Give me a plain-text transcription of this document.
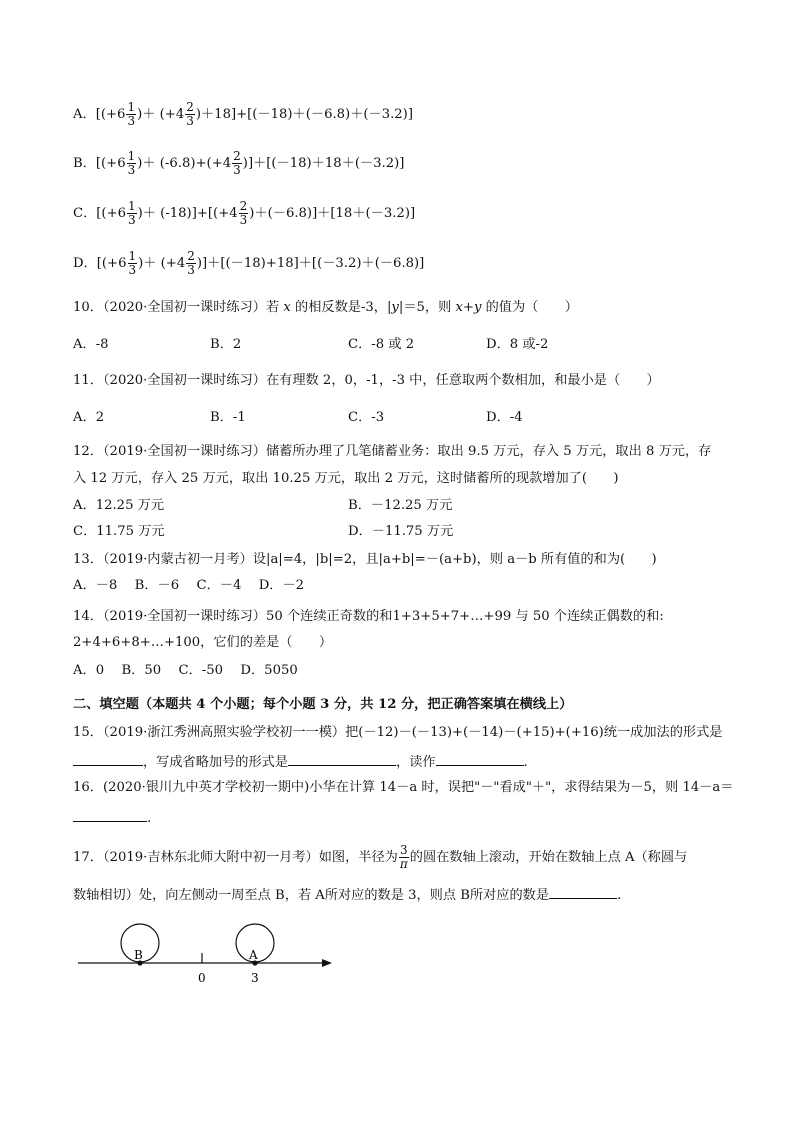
A．[($+6 \frac{1}{3}$ )＋ $(+4 \frac{2}{3} )+18]+[(-18)+(-6.8)+(-3.2)]$
B．[($+6 \frac{1}{3}$ )＋ $(-6.8)+(+4 \frac{2}{3} )]+[(-18)+18+(-3.2)]$
C．[($+6 \frac{1}{3}$ )＋ $(-18)]+[(+4 \frac{2}{3} )+(-6.8)]+[18+(-3.2)]$
D．[($+6 \frac{1}{3}$ )＋ $(+4 \frac{2}{3} )]+[(-18)+18]+[(-3.2)+(-6.8)]$
10．（2020·全国初一课时练习）若 x 的相反数是-3，|y|＝5，则 x+y 的值为（　　）
A．-8	B．2	C．-8 或 2	D．8 或-2
11．（2020·全国初一课时练习）在有理数 2，0，-1，-3 中，任意取两个数相加，和最小是（　　）
A．2	B．-1	C．-3	D．-4
12．（2019·全国初一课时练习）储蓄所办理了几笔储蓄业务：取出 9.5 万元，存入 5 万元，取出 8 万元，存
入 12 万元，存入 25 万元，取出 10.25 万元，取出 2 万元，这时储蓄所的现款增加了(　　)
A．12.25 万元	B．－12.25 万元
C．11.75 万元	D．－11.75 万元
13．（2019·内蒙古初一月考）设|a|=4，|b|=2，且|a+b|=－(a+b)，则 a－b 所有值的和为(　　)
A．－8　 B．－6　 C．－4　 D．－2
14．（2019·全国初一课时练习）50 个连续正奇数的和1+3+5+7+…+99 与 50 个连续正偶数的和:
2+4+6+8+…+100，它们的差是（　　）
A．0　 B．50　 C．-50　 D．5050
二、填空题（本题共 4 个小题；每个小题 3 分，共 12 分，把正确答案填在横线上）
15．（2019·浙江秀洲高照实验学校初一一模）把(－12)－(－13)+(－14)－(+15)+(+16)统一成加法的形式是
，写成省略加号的形式是	，读作	.
16．(2020·银川九中英才学校初一期中)小华在计算 14－a 时，误把"－"看成"＋"，求得结果为－5，则 14－a＝
.
17．（2019·吉林东北师大附中初一月考）如图，半径为 $\frac{3}{\pi}$ 的圆在数轴上滚动，开始在数轴上点 A（称圆与
数轴相切）处，向左侧动一周至点 B，若 A所对应的数是 3，则点 B所对应的数是	.
B	A
0	3
